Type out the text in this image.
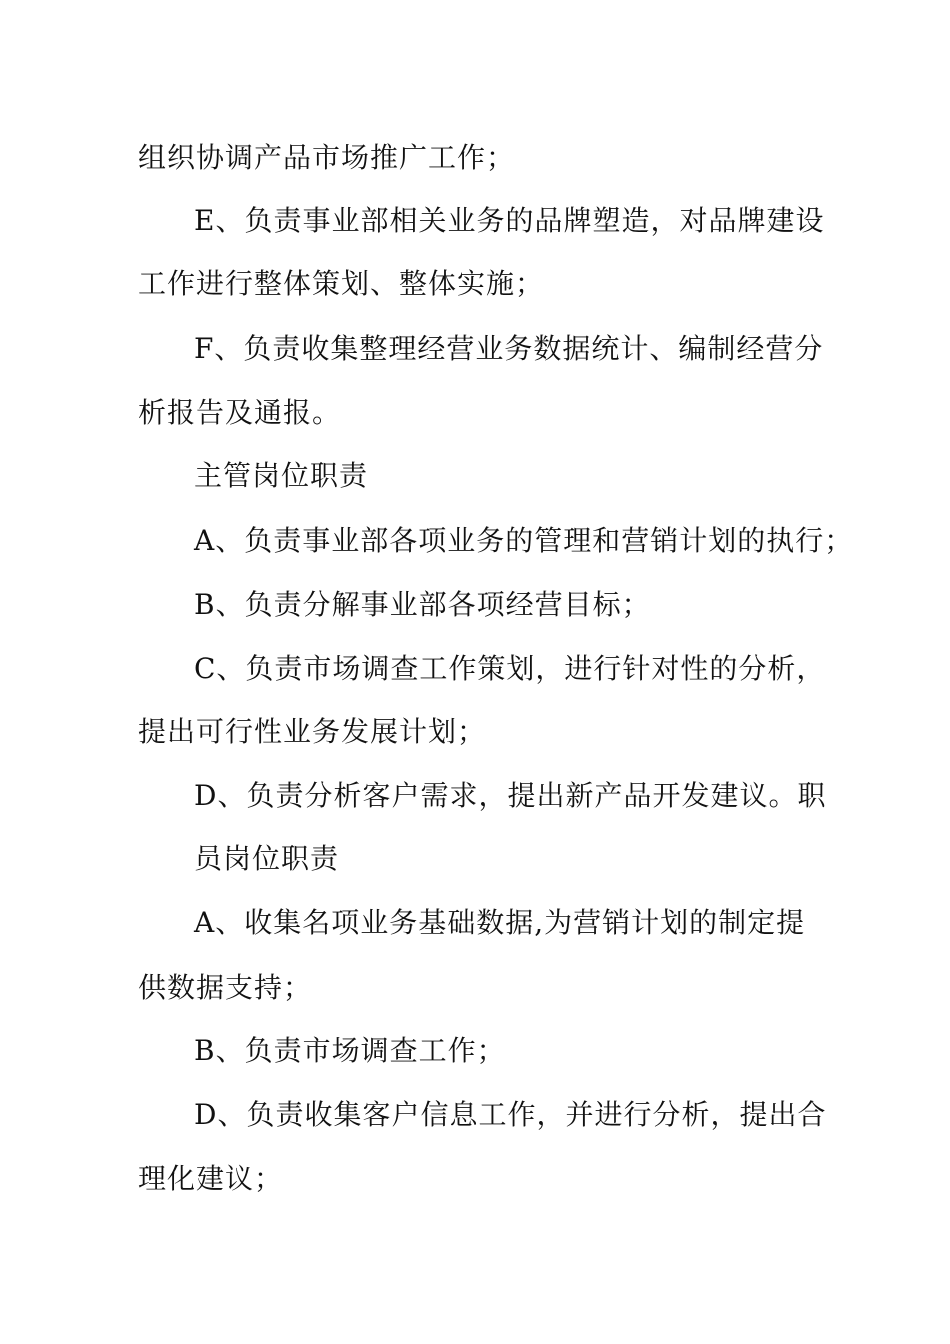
组织协调产品市场推广工作；
E、负责事业部相关业务的品牌塑造，对品牌建设
工作进行整体策划、整体实施；
F、负责收集整理经营业务数据统计、编制经营分
析报告及通报。
主管岗位职责
A、负责事业部各项业务的管理和营销计划的执行；
B、负责分解事业部各项经营目标；
C、负责市场调查工作策划，进行针对性的分析，
提出可行性业务发展计划；
D、负责分析客户需求，提出新产品开发建议。职
员岗位职责
A、收集名项业务基础数据,为营销计划的制定提
供数据支持；
B、负责市场调查工作；
D、负责收集客户信息工作，并进行分析，提出合
理化建议；
